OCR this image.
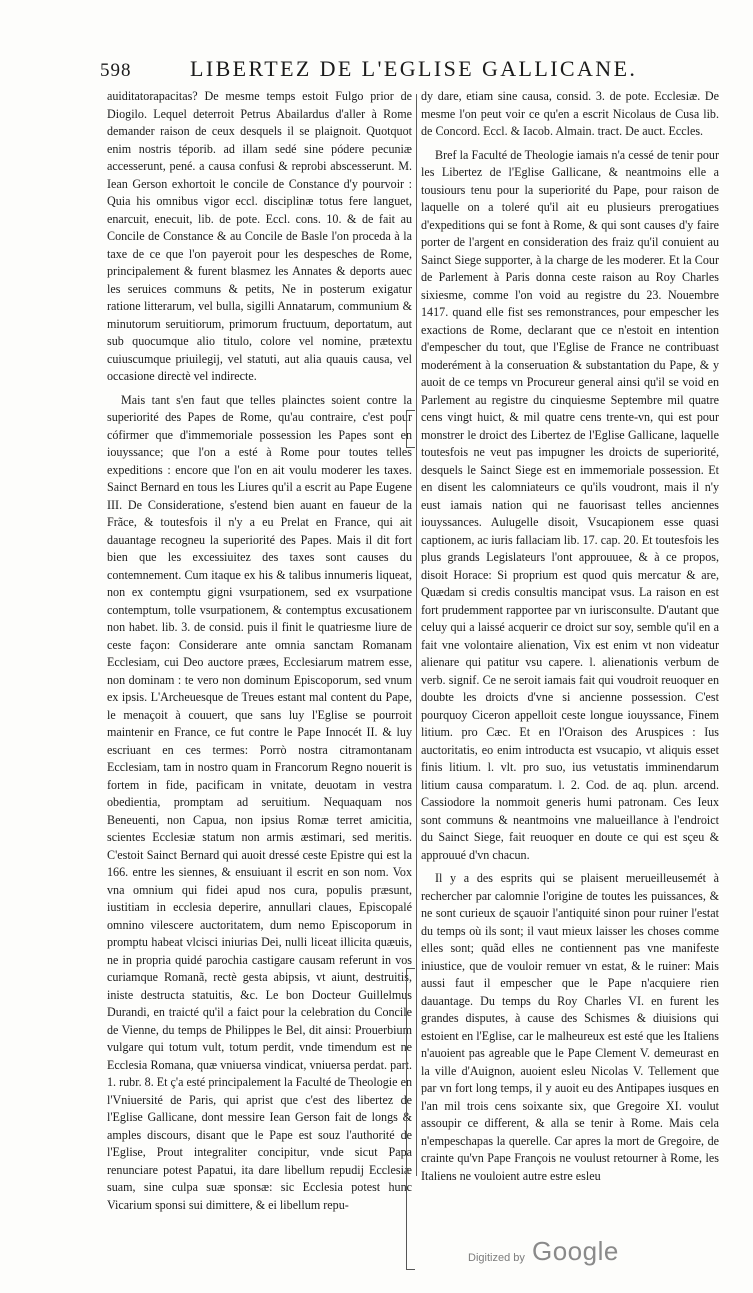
598	LIBERTEZ DE L'EGLISE GALLICANE.

auiditatorapacitas? De mesme temps estoit Fulgo prior de Diogilo. Lequel deterroit Petrus Abailardus d'aller à Rome demander raison de ceux desquels il se plaignoit. Quotquot enim nostris téporib. ad illam sedé sine pódere pecuniæ accesserunt, pené. a causa confusi & reprobi abscesserunt. M. Iean Gerson exhortoit le concile de Constance d'y pourvoir : Quia his omnibus vigor eccl. disciplinæ totus fere languet, enarcuit, enecuit, lib. de pote. Eccl. cons. 10. & de fait au Concile de Constance & au Concile de Basle l'on proceda à la taxe de ce que l'on payeroit pour les despesches de Rome, principalement & furent blasmez les Annates & deports auec les seruices communs & petits, Ne in posterum exigatur ratione litterarum, vel bulla, sigilli Annatarum, communium & minutorum seruitiorum, primorum fructuum, deportatum, aut sub quocumque alio titulo, colore vel nomine, prætextu cuiuscumque priuilegij, vel statuti, aut alia quauis causa, vel occasione directè vel indirecte.

Mais tant s'en faut que telles plainctes soient contre la superiorité des Papes de Rome, qu'au contraire, c'est pour cófirmer que d'immemoriale possession les Papes sont en iouyssance; que l'on a esté à Rome pour toutes telles expeditions : encore que l'on en ait voulu moderer les taxes. Sainct Bernard en tous les Liures qu'il a escrit au Pape Eugene III. De Consideratione, s'estend bien auant en faueur de la Frãce, & toutesfois il n'y a eu Prelat en France, qui ait dauantage recogneu la superiorité des Papes. Mais il dit fort bien que les excessiuitez des taxes sont causes du contemnement. Cum itaque ex his & talibus innumeris liqueat, non ex contemptu gigni vsurpationem, sed ex vsurpatione contemptum, tolle vsurpationem, & contemptus excusationem non habet. lib. 3. de consid. puis il finit le quatriesme liure de ceste façon: Considerare ante omnia sanctam Romanam Ecclesiam, cui Deo auctore præes, Ecclesiarum matrem esse, non dominam : te vero non dominum Episcoporum, sed vnum ex ipsis. L'Archeuesque de Treues estant mal content du Pape, le menaçoit à couuert, que sans luy l'Eglise se pourroit maintenir en France, ce fut contre le Pape Innocét II. & luy escriuant en ces termes: Porrò nostra citramontanam Ecclesiam, tam in nostro quam in Francorum Regno nouerit is fortem in fide, pacificam in vnitate, deuotam in vestra obedientia, promptam ad seruitium. Nequaquam nos Beneuenti, non Capua, non ipsius Romæ terret amicitia, scientes Ecclesiæ statum non armis æstimari, sed meritis. C'estoit Sainct Bernard qui auoit dressé ceste Epistre qui est la 166. entre les siennes, & ensuiuant il escrit en son nom. Vox vna omnium qui fidei apud nos cura, populis præsunt, iustitiam in ecclesia deperire, annullari claues, Episcopalé omnino vilescere auctoritatem, dum nemo Episcoporum in promptu habeat vlcisci iniurias Dei, nulli liceat illicita quæuis, ne in propria quidé parochia castigare causam referunt in vos curiamque Romanã, rectè gesta abipsis, vt aiunt, destruitis, iniste destructa statuitis, &c. Le bon Docteur Guillelmus Durandi, en traicté qu'il a faict pour la celebration du Concile de Vienne, du temps de Philippes le Bel, dit ainsi: Prouerbium vulgare qui totum vult, totum perdit, vnde timendum est ne Ecclesia Romana, quæ vniuersa vindicat, vniuersa perdat. part. 1. rubr. 8. Et ç'a esté principalement la Faculté de Theologie en l'Vniuersité de Paris, qui aprist que c'est des libertez de l'Eglise Gallicane, dont messire Iean Gerson fait de longs & amples discours, disant que le Pape est souz l'authorité de l'Eglise, Prout integraliter concipitur, vnde sicut Papa renunciare potest Papatui, ita dare libellum repudij Ecclesiæ suam, sine culpa suæ sponsæ: sic Ecclesia potest hunc Vicarium sponsi sui dimittere, & ei libellum repu-

dy dare, etiam sine causa, consid. 3. de pote. Ecclesiæ. De mesme l'on peut voir ce qu'en a escrit Nicolaus de Cusa lib. de Concord. Eccl. & Iacob. Almain. tract. De auct. Eccles.

Bref la Faculté de Theologie iamais n'a cessé de tenir pour les Libertez de l'Eglise Gallicane, & neantmoins elle a tousiours tenu pour la superiorité du Pape, pour raison de laquelle on a toleré qu'il ait eu plusieurs prerogatiues d'expeditions qui se font à Rome, & qui sont causes d'y faire porter de l'argent en consideration des fraiz qu'il conuient au Sainct Siege supporter, à la charge de les moderer. Et la Cour de Parlement à Paris donna ceste raison au Roy Charles sixiesme, comme l'on void au registre du 23. Nouembre 1417. quand elle fist ses remonstrances, pour empescher les exactions de Rome, declarant que ce n'estoit en intention d'empescher du tout, que l'Eglise de France ne contribuast moderément à la conseruation & substantation du Pape, & y auoit de ce temps vn Procureur general ainsi qu'il se void en Parlement au registre du cinquiesme Septembre mil quatre cens vingt huict, & mil quatre cens trente-vn, qui est pour monstrer le droict des Libertez de l'Eglise Gallicane, laquelle toutesfois ne veut pas impugner les droicts de superiorité, desquels le Sainct Siege est en immemoriale possession. Et en disent les calomniateurs ce qu'ils voudront, mais il n'y eust iamais nation qui ne fauorisast telles anciennes iouyssances. Aulugelle disoit, Vsucapionem esse quasi captionem, ac iuris fallaciam lib. 17. cap. 20. Et toutesfois les plus grands Legislateurs l'ont approuuee, & à ce propos, disoit Horace: Si proprium est quod quis mercatur & are, Quædam si credis consultis mancipat vsus. La raison en est fort prudemment rapportee par vn iurisconsulte. D'autant que celuy qui a laissé acquerir ce droict sur soy, semble qu'il en a fait vne volontaire alienation, Vix est enim vt non videatur alienare qui patitur vsu capere. l. alienationis verbum de verb. signif. Ce ne seroit iamais fait qui voudroit reuoquer en doubte les droicts d'vne si ancienne possession. C'est pourquoy Ciceron appelloit ceste longue iouyssance, Finem litium. pro Cæc. Et en l'Oraison des Aruspices : Ius auctoritatis, eo enim introducta est vsucapio, vt aliquis esset finis litium. l. vlt. pro suo, ius vetustatis imminendarum litium causa comparatum. l. 2. Cod. de aq. plun. arcend. Cassiodore la nommoit generis humi patronam. Ces Ieux sont communs & neantmoins vne malueillance à l'endroict du Sainct Siege, fait reuoquer en doute ce qui est sçeu & approuué d'vn chacun.

Il y a des esprits qui se plaisent merueilleusemét à rechercher par calomnie l'origine de toutes les puissances, & ne sont curieux de sçauoir l'antiquité sinon pour ruiner l'estat du temps où ils sont; il vaut mieux laisser les choses comme elles sont; quãd elles ne contiennent pas vne manifeste iniustice, que de vouloir remuer vn estat, & le ruiner: Mais aussi faut il empescher que le Pape n'acquiere rien dauantage. Du temps du Roy Charles VI. en furent les grandes disputes, à cause des Schismes & diuisions qui estoient en l'Eglise, car le malheureux est esté que les Italiens n'auoient pas agreable que le Pape Clement V. demeurast en la ville d'Auignon, auoient esleu Nicolas V. Tellement que par vn fort long temps, il y auoit eu des Antipapes iusques en l'an mil trois cens soixante six, que Gregoire XI. voulut assoupir ce different, & alla se tenir à Rome. Mais cela n'empeschapas la querelle. Car apres la mort de Gregoire, de crainte qu'vn Pape François ne voulust retourner à Rome, les Italiens ne vouloient autre estre esleu

Digitized by Google
